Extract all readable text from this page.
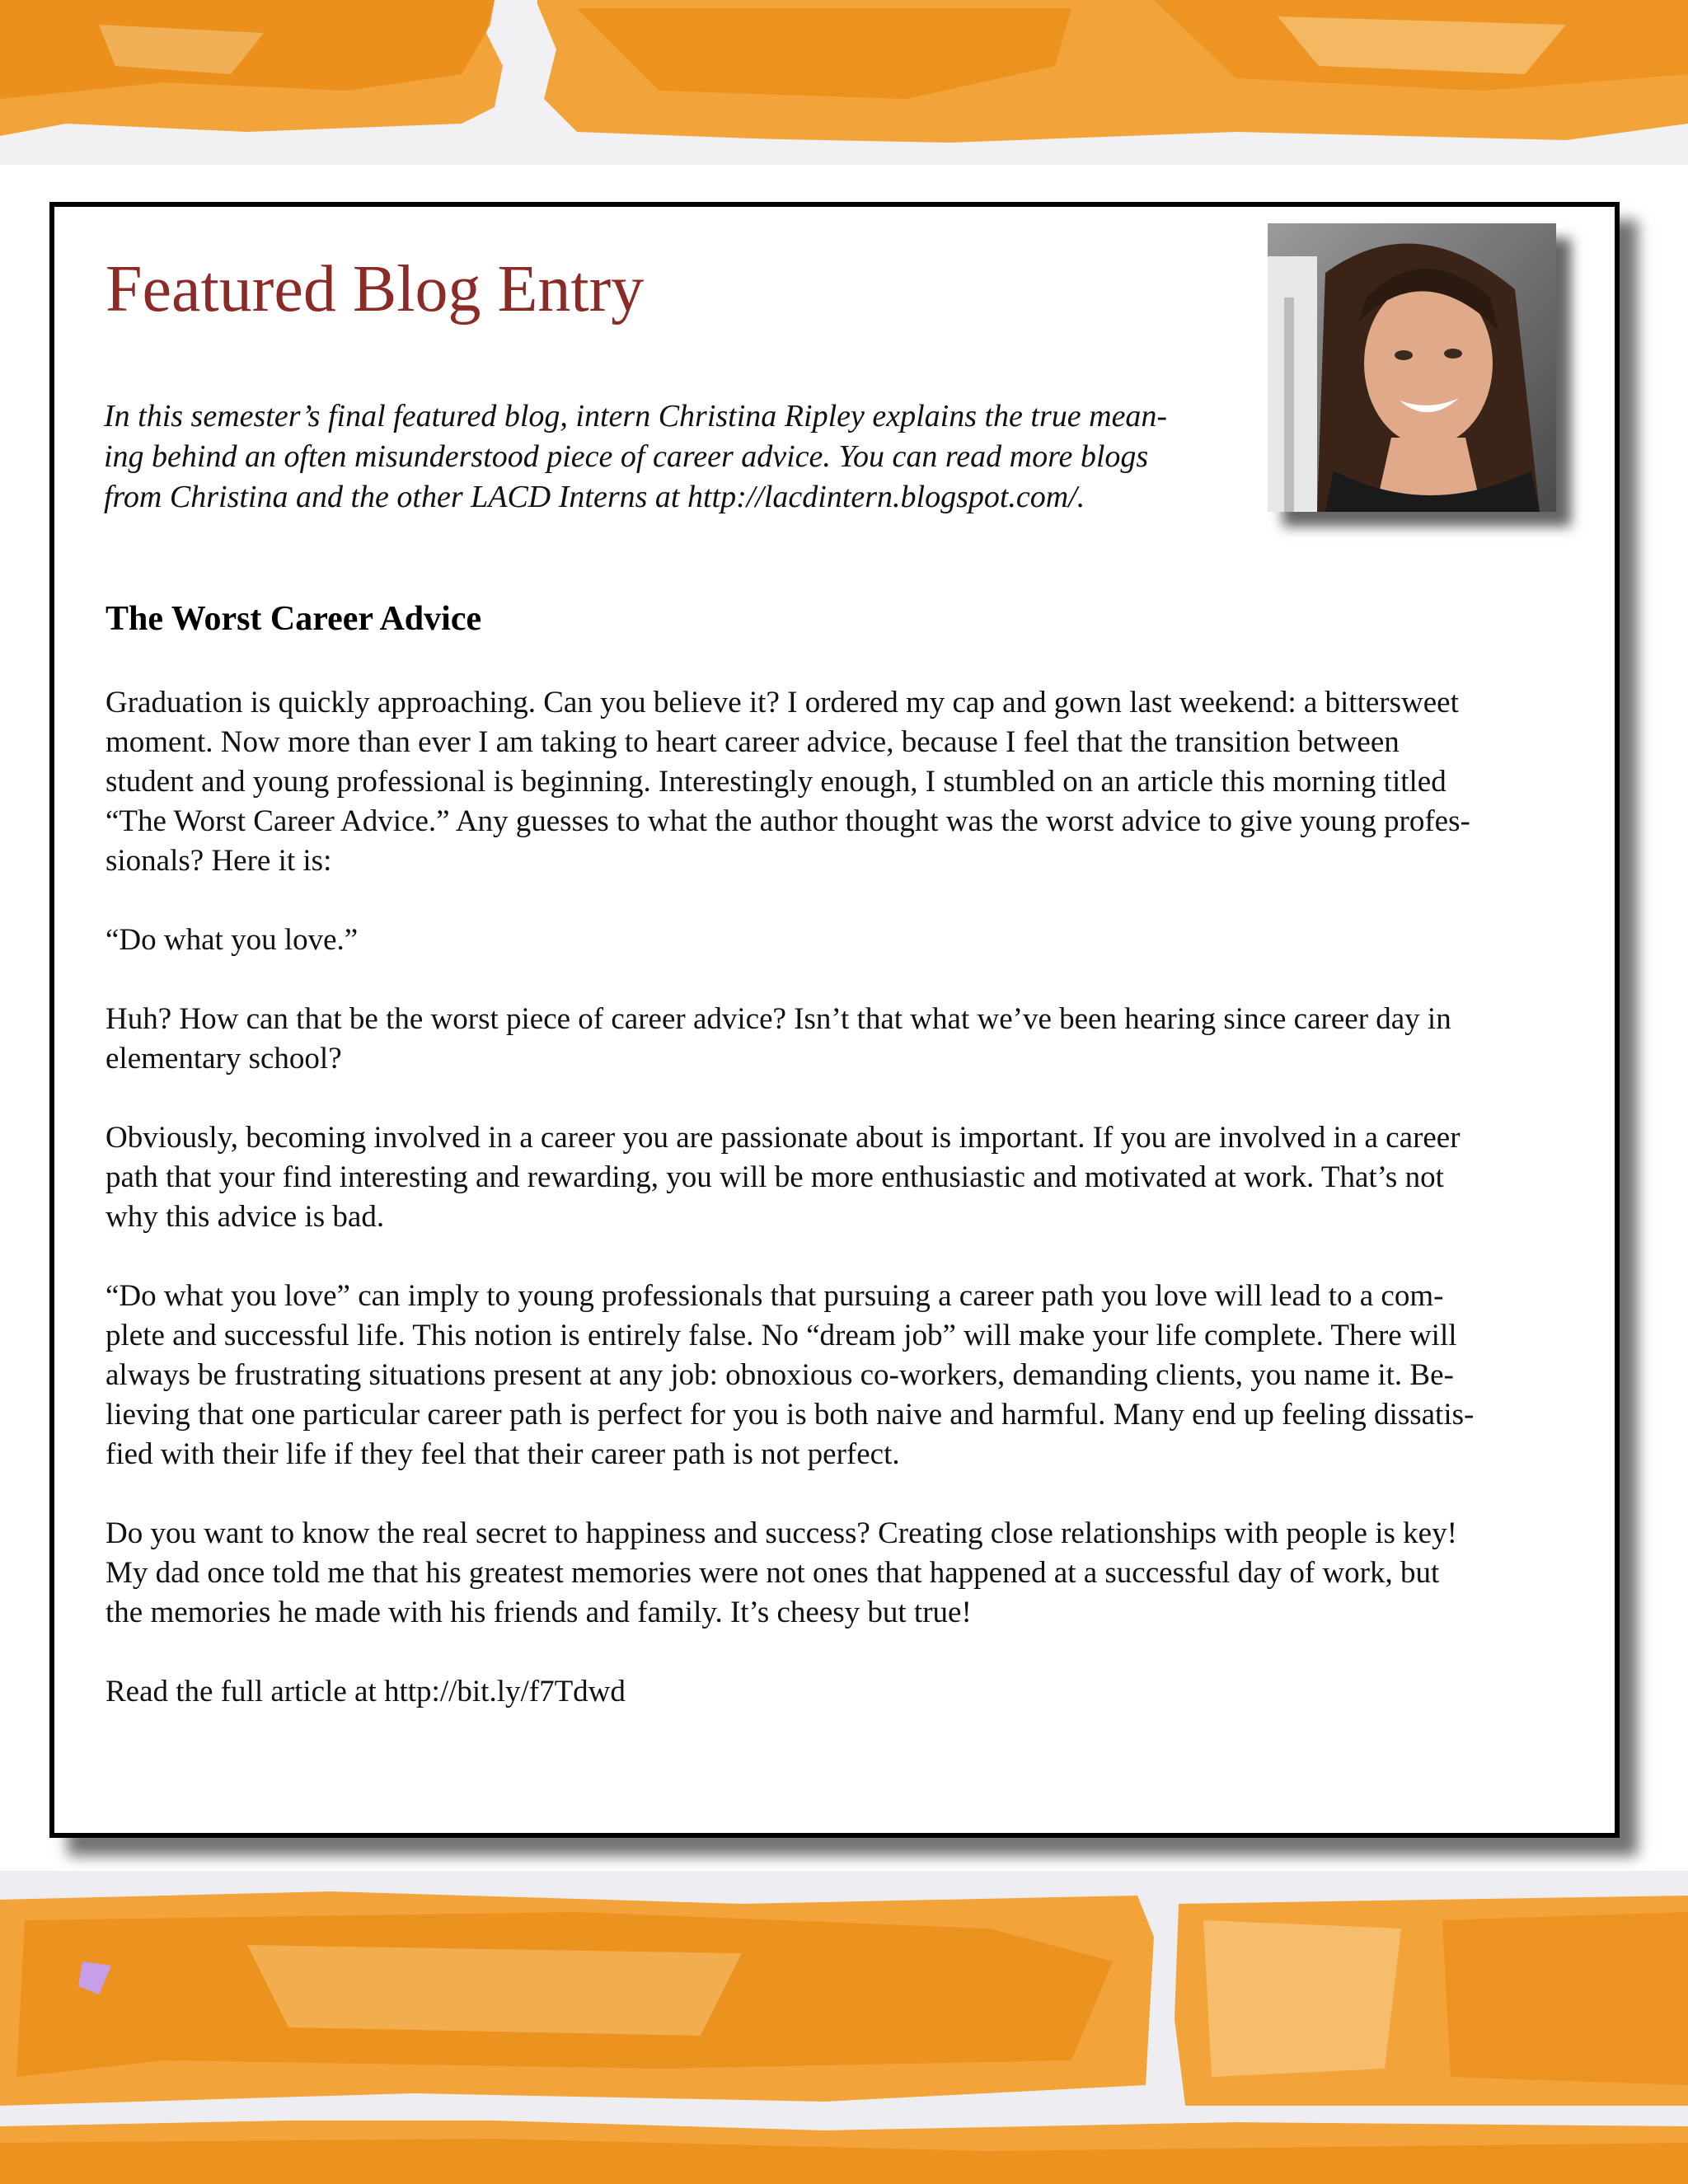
Featured Blog Entry

In this semester’s final featured blog, intern Christina Ripley explains the true mean-
ing behind an often misunderstood piece of career advice. You can read more blogs
from Christina and the other LACD Interns at http://lacdintern.blogspot.com/.

The Worst Career Advice

Graduation is quickly approaching. Can you believe it? I ordered my cap and gown last weekend: a bittersweet
moment. Now more than ever I am taking to heart career advice, because I feel that the transition between
student and young professional is beginning. Interestingly enough, I stumbled on an article this morning titled
“The Worst Career Advice.” Any guesses to what the author thought was the worst advice to give young profes-
sionals? Here it is:

“Do what you love.”

Huh? How can that be the worst piece of career advice? Isn’t that what we’ve been hearing since career day in
elementary school?

Obviously, becoming involved in a career you are passionate about is important. If you are involved in a career
path that your find interesting and rewarding, you will be more enthusiastic and motivated at work. That’s not
why this advice is bad.

“Do what you love” can imply to young professionals that pursuing a career path you love will lead to a com-
plete and successful life. This notion is entirely false. No “dream job” will make your life complete. There will
always be frustrating situations present at any job: obnoxious co-workers, demanding clients, you name it. Be-
lieving that one particular career path is perfect for you is both naive and harmful. Many end up feeling dissatis-
fied with their life if they feel that their career path is not perfect.

Do you want to know the real secret to happiness and success? Creating close relationships with people is key!
My dad once told me that his greatest memories were not ones that happened at a successful day of work, but
the memories he made with his friends and family. It’s cheesy but true!

Read the full article at http://bit.ly/f7Tdwd
